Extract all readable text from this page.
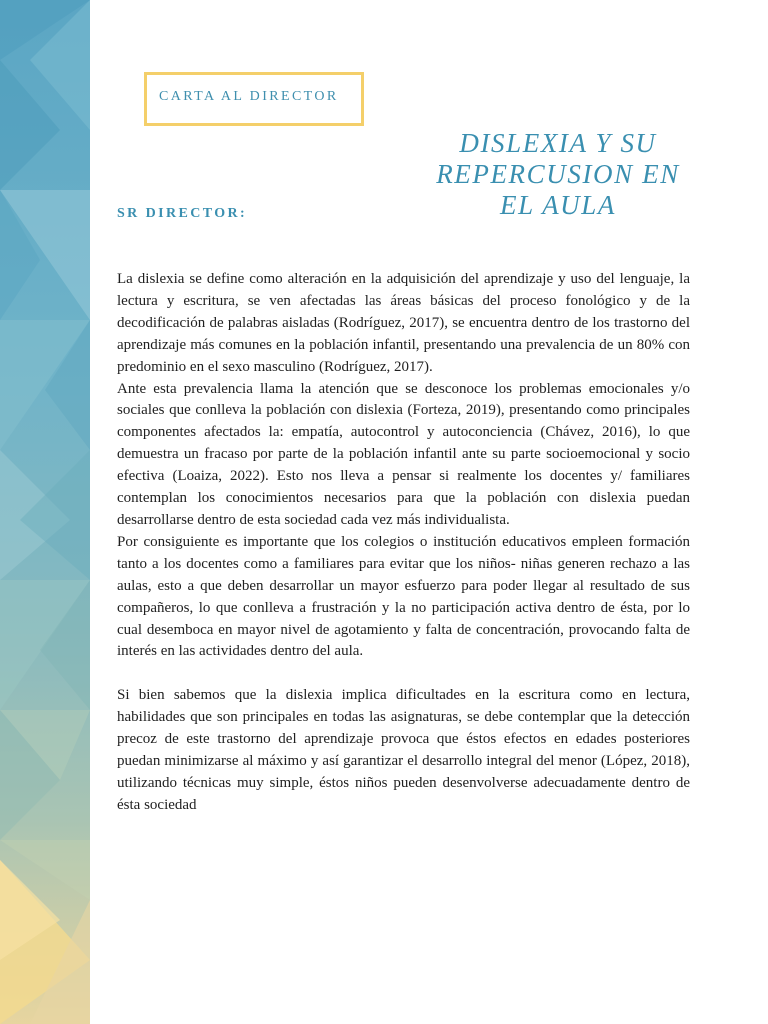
CARTA AL DIRECTOR
DISLEXIA Y SU
REPERCUSION EN
EL AULA
SR DIRECTOR:

La dislexia se define como alteración en la adquisición del aprendizaje y uso del lenguaje, la lectura y escritura, se ven afectadas las áreas básicas del proceso fonológico y de la decodificación de palabras aisladas (Rodríguez, 2017), se encuentra dentro de los trastorno del aprendizaje más comunes en la población infantil, presentando una prevalencia de un 80% con predominio en el sexo masculino (Rodríguez, 2017).

Ante esta prevalencia llama la atención que se desconoce los problemas emocionales y/o sociales que conlleva la población con dislexia (Forteza, 2019), presentando como principales componentes afectados la: empatía, autocontrol y autoconciencia (Chávez, 2016), lo que demuestra un fracaso por parte de la población infantil ante su parte socioemocional y socio efectiva (Loaiza, 2022). Esto nos lleva a pensar si realmente los docentes y/ familiares contemplan los conocimientos necesarios para que la población con dislexia puedan desarrollarse dentro de esta sociedad cada vez más individualista.

Por consiguiente es importante que los colegios o institución educativos empleen formación tanto a los docentes como a familiares para evitar que los niños- niñas generen rechazo a las aulas, esto a que deben desarrollar un mayor esfuerzo para poder llegar al resultado de sus compañeros, lo que conlleva a frustración y la no participación activa dentro de ésta, por lo cual desemboca en mayor nivel de agotamiento y falta de concentración, provocando falta de interés en las actividades dentro del aula.

Si bien sabemos que la dislexia implica dificultades en la escritura como en lectura, habilidades que son principales en todas las asignaturas, se debe contemplar que la detección precoz de este trastorno del aprendizaje provoca que éstos efectos en edades posteriores puedan minimizarse al máximo y así garantizar el desarrollo integral del menor (López, 2018), utilizando técnicas muy simple, éstos niños pueden desenvolverse adecuadamente dentro de ésta sociedad
